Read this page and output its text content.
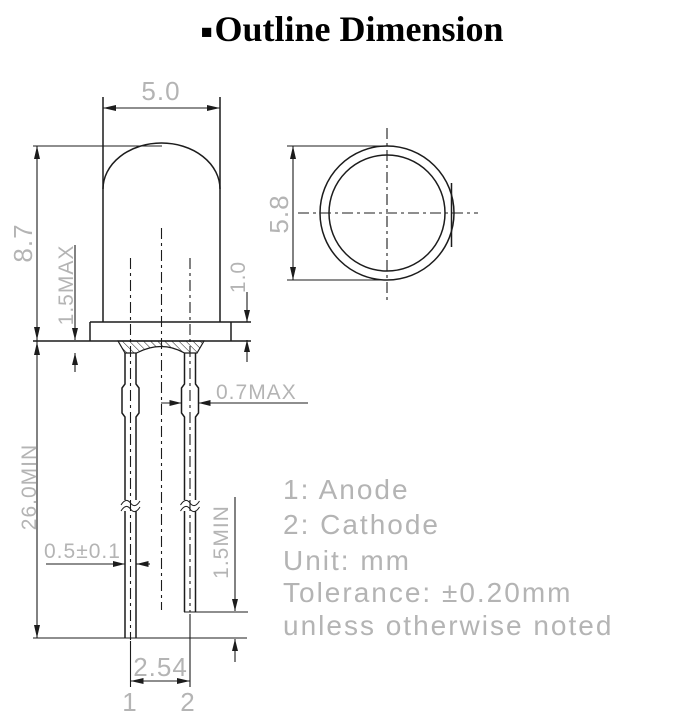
■Outline Dimension
5.0
8.7
1.5MAX	1.0
26.0MIN
0.7MAX
0.5±0.1	1.5MIN
2.54
5.8
1 2
1: Anode
2: Cathode
Unit: mm
Tolerance: ±0.20mm
unless otherwise noted
